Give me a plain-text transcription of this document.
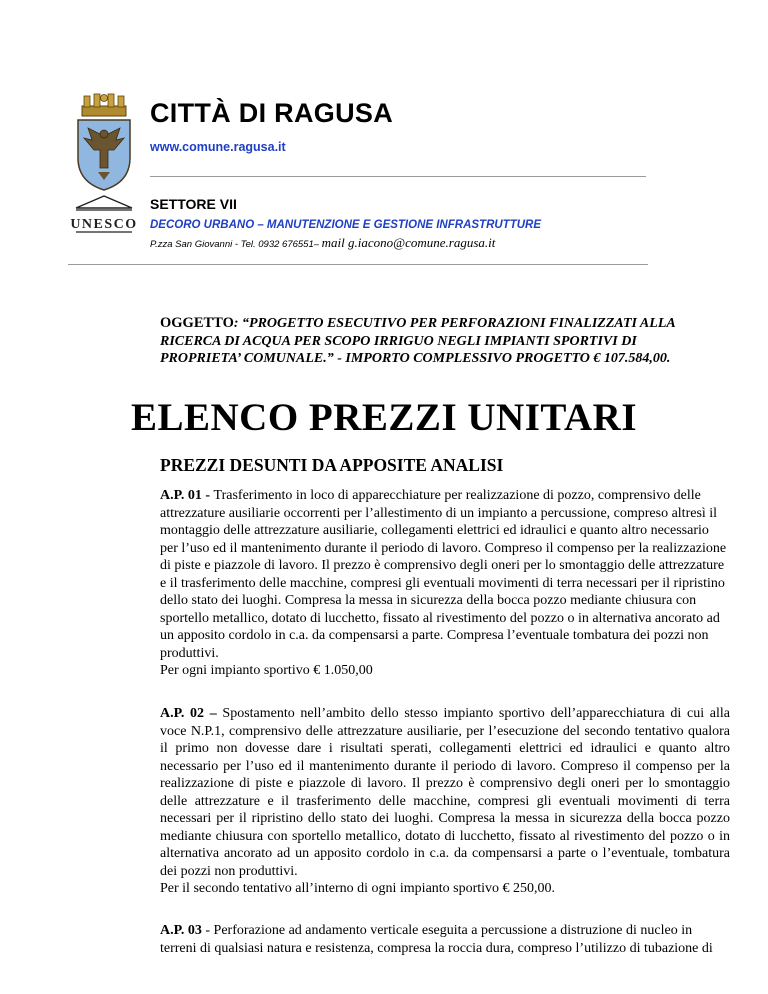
UNESCO
CITTÀ DI RAGUSA
www.comune.ragusa.it
SETTORE VII
DECORO URBANO – MANUTENZIONE E GESTIONE INFRASTRUTTURE
P.zza San Giovanni - Tel. 0932 676551– mail g.iacono@comune.ragusa.it
OGGETTO: “PROGETTO ESECUTIVO PER PERFORAZIONI FINALIZZATI ALLA RICERCA DI ACQUA PER SCOPO IRRIGUO NEGLI IMPIANTI SPORTIVI DI PROPRIETA’ COMUNALE.” - IMPORTO COMPLESSIVO PROGETTO € 107.584,00.
ELENCO PREZZI UNITARI
PREZZI DESUNTI DA APPOSITE ANALISI
A.P. 01 - Trasferimento in loco di apparecchiature per realizzazione di pozzo, comprensivo delle attrezzature ausiliarie occorrenti per l’allestimento di un impianto a percussione, compreso altresì il montaggio delle attrezzature ausiliarie, collegamenti elettrici ed idraulici e quanto altro necessario per l’uso ed il mantenimento durante il periodo di lavoro. Compreso il compenso per la realizzazione di piste e piazzole di lavoro. Il prezzo è comprensivo degli oneri per lo smontaggio delle attrezzature e il trasferimento delle macchine, compresi gli eventuali movimenti di terra necessari per il ripristino dello stato dei luoghi. Compresa la messa in sicurezza della bocca pozzo mediante chiusura con sportello metallico, dotato di lucchetto, fissato al rivestimento del pozzo o in alternativa ancorato ad un apposito cordolo in c.a. da compensarsi a parte. Compresa l’eventuale tombatura dei pozzi non produttivi.
Per ogni impianto sportivo € 1.050,00
A.P. 02 – Spostamento nell’ambito dello stesso impianto sportivo dell’apparecchiatura di cui alla voce N.P.1, comprensivo delle attrezzature ausiliarie, per l’esecuzione del secondo tentativo qualora il primo non dovesse dare i risultati sperati, collegamenti elettrici ed idraulici e quanto altro necessario per l’uso ed il mantenimento durante il periodo di lavoro. Compreso il compenso per la realizzazione di piste e piazzole di lavoro. Il prezzo è comprensivo degli oneri per lo smontaggio delle attrezzature e il trasferimento delle macchine, compresi gli eventuali movimenti di terra necessari per il ripristino dello stato dei luoghi. Compresa la messa in sicurezza della bocca pozzo mediante chiusura con sportello metallico, dotato di lucchetto, fissato al rivestimento del pozzo o in alternativa ancorato ad un apposito cordolo in c.a. da compensarsi a parte o l’eventuale, tombatura dei pozzi non produttivi.
Per il secondo tentativo all’interno di ogni impianto sportivo € 250,00.
A.P. 03 - Perforazione ad andamento verticale eseguita a percussione a distruzione di nucleo in terreni di qualsiasi natura e resistenza, compresa la roccia dura, compreso l’utilizzo di tubazione di
